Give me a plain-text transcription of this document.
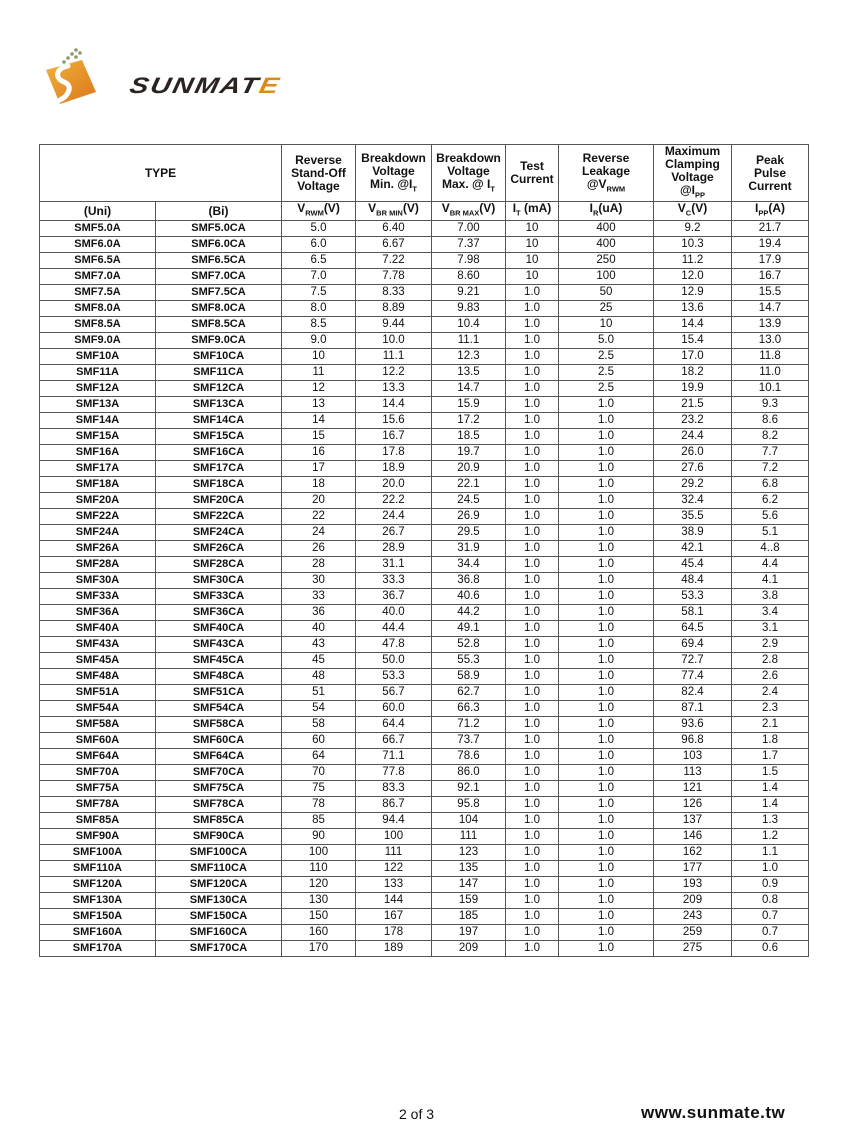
SUNMATE
TYPE		Reverse
Stand-Off
Voltage	Breakdown
Voltage
Min. $@I_T$	Breakdown
Voltage
Max. @ $I_T$	Test
Current	Reverse
Leakage
$@V_{RWM}$	Maximum
Clamping
Voltage
$@I_{PP}$	Peak
Pulse
Current
(Uni)	(Bi)	$V_{RWM}(V)$	$V_{BR MIN}(V)$	$V_{BR MAX}(V)$	$I_T$ (mA)	$I_R(uA)$	$V_C(V)$	$I_{PP}(A)$
SMF5.0A	SMF5.0CA	5.0	6.40	7.00	10	400	9.2	21.7
SMF6.0A	SMF6.0CA	6.0	6.67	7.37	10	400	10.3	19.4
SMF6.5A	SMF6.5CA	6.5	7.22	7.98	10	250	11.2	17.9
SMF7.0A	SMF7.0CA	7.0	7.78	8.60	10	100	12.0	16.7
SMF7.5A	SMF7.5CA	7.5	8.33	9.21	1.0	50	12.9	15.5
SMF8.0A	SMF8.0CA	8.0	8.89	9.83	1.0	25	13.6	14.7
SMF8.5A	SMF8.5CA	8.5	9.44	10.4	1.0	10	14.4	13.9
SMF9.0A	SMF9.0CA	9.0	10.0	11.1	1.0	5.0	15.4	13.0
SMF10A	SMF10CA	10	11.1	12.3	1.0	2.5	17.0	11.8
SMF11A	SMF11CA	11	12.2	13.5	1.0	2.5	18.2	11.0
SMF12A	SMF12CA	12	13.3	14.7	1.0	2.5	19.9	10.1
SMF13A	SMF13CA	13	14.4	15.9	1.0	1.0	21.5	9.3
SMF14A	SMF14CA	14	15.6	17.2	1.0	1.0	23.2	8.6
SMF15A	SMF15CA	15	16.7	18.5	1.0	1.0	24.4	8.2
SMF16A	SMF16CA	16	17.8	19.7	1.0	1.0	26.0	7.7
SMF17A	SMF17CA	17	18.9	20.9	1.0	1.0	27.6	7.2
SMF18A	SMF18CA	18	20.0	22.1	1.0	1.0	29.2	6.8
SMF20A	SMF20CA	20	22.2	24.5	1.0	1.0	32.4	6.2
SMF22A	SMF22CA	22	24.4	26.9	1.0	1.0	35.5	5.6
SMF24A	SMF24CA	24	26.7	29.5	1.0	1.0	38.9	5.1
SMF26A	SMF26CA	26	28.9	31.9	1.0	1.0	42.1	4..8
SMF28A	SMF28CA	28	31.1	34.4	1.0	1.0	45.4	4.4
SMF30A	SMF30CA	30	33.3	36.8	1.0	1.0	48.4	4.1
SMF33A	SMF33CA	33	36.7	40.6	1.0	1.0	53.3	3.8
SMF36A	SMF36CA	36	40.0	44.2	1.0	1.0	58.1	3.4
SMF40A	SMF40CA	40	44.4	49.1	1.0	1.0	64.5	3.1
SMF43A	SMF43CA	43	47.8	52.8	1.0	1.0	69.4	2.9
SMF45A	SMF45CA	45	50.0	55.3	1.0	1.0	72.7	2.8
SMF48A	SMF48CA	48	53.3	58.9	1.0	1.0	77.4	2.6
SMF51A	SMF51CA	51	56.7	62.7	1.0	1.0	82.4	2.4
SMF54A	SMF54CA	54	60.0	66.3	1.0	1.0	87.1	2.3
SMF58A	SMF58CA	58	64.4	71.2	1.0	1.0	93.6	2.1
SMF60A	SMF60CA	60	66.7	73.7	1.0	1.0	96.8	1.8
SMF64A	SMF64CA	64	71.1	78.6	1.0	1.0	103	1.7
SMF70A	SMF70CA	70	77.8	86.0	1.0	1.0	113	1.5
SMF75A	SMF75CA	75	83.3	92.1	1.0	1.0	121	1.4
SMF78A	SMF78CA	78	86.7	95.8	1.0	1.0	126	1.4
SMF85A	SMF85CA	85	94.4	104	1.0	1.0	137	1.3
SMF90A	SMF90CA	90	100	111	1.0	1.0	146	1.2
SMF100A	SMF100CA	100	111	123	1.0	1.0	162	1.1
SMF110A	SMF110CA	110	122	135	1.0	1.0	177	1.0
SMF120A	SMF120CA	120	133	147	1.0	1.0	193	0.9
SMF130A	SMF130CA	130	144	159	1.0	1.0	209	0.8
SMF150A	SMF150CA	150	167	185	1.0	1.0	243	0.7
SMF160A	SMF160CA	160	178	197	1.0	1.0	259	0.7
SMF170A	SMF170CA	170	189	209	1.0	1.0	275	0.6
2 of 3	www.sunmate.tw
